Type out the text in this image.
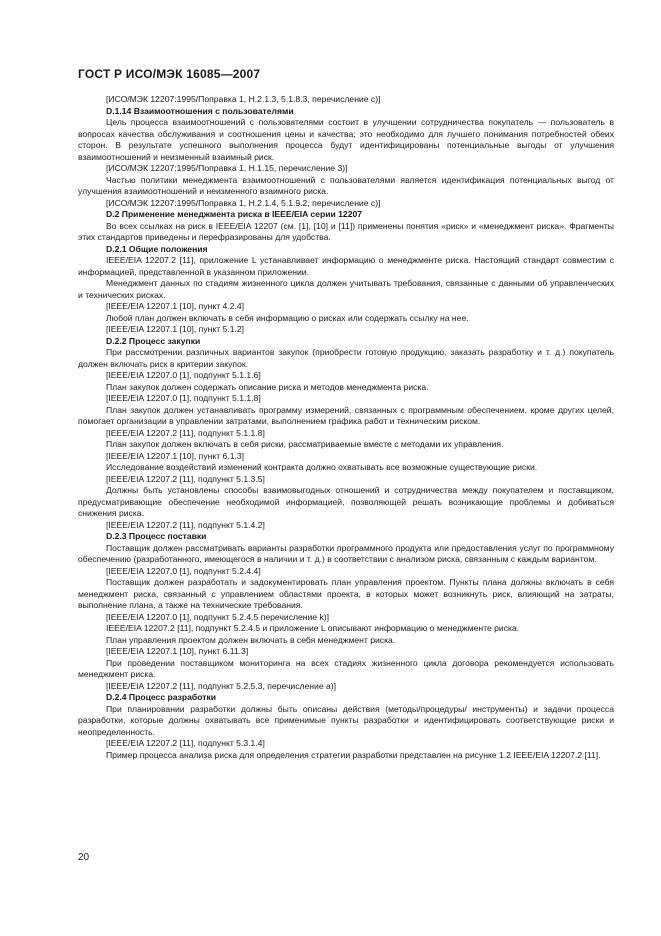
ГОСТ Р ИСО/МЭК 16085—2007

[ИСО/МЭК 12207:1995/Поправка 1, Н.2.1.3, 5.1.8.3, перечисление с)]

D.1.14 Взаимоотношения с пользователями

Цель процесса взаимоотношений с пользователями состоит в улучшении сотрудничества покупатель — пользователь в вопросах качества обслуживания и соотношения цены и качества; это необходимо для лучшего понимания потребностей обеих сторон. В результате успешного выполнения процесса будут идентифицированы потенциальные выгоды от улучшения взаимоотношений и неизменный взаимный риск.

[ИСО/МЭК 12207:1995/Поправка 1, Н.1.15, перечисление 3)]

Частью политики менеджмента взаимоотношений с пользователями является идентификация потенциальных выгод от улучшения взаимоотношений и неизменного взаимного риска.

[ИСО/МЭК 12207:1995/Поправка 1, Н.2.1.4, 5.1.9.2, перечисление с)]

D.2 Применение менеджмента риска в IEEE/EIA серии 12207

Во всех ссылках на риск в IEEE/EIA 12207 (см. [1], [10] и [11]) применены понятия «риск» и «менеджмент риска». Фрагменты этих стандартов приведены и перефразированы для удобства.

D.2.1 Общие положения

IEEE/EIA 12207.2 [11], приложение L устанавливает информацию о менеджменте риска. Настоящий стандарт совместим с информацией, представленной в указанном приложении.

Менеджмент данных по стадиям жизненного цикла должен учитывать требования, связанные с данными об управленческих и технических рисках.

[IEEE/EIA 12207.1 [10], пункт 4.2.4]

Любой план должен включать в себя информацию о рисках или содержать ссылку на нее.

[IEEE/EIA 12207.1 [10], пункт 5.1.2]

D.2.2 Процесс закупки

При рассмотрении различных вариантов закупок (приобрести готовую продукцию, заказать разработку и т. д.) покупатель должен включать риск в критерии закупок.

[IEEE/EIA 12207.0 [1], подпункт 5.1.1.6]

План закупок должен содержать описание риска и методов менеджмента риска.

[IEEE/EIA 12207.0 [1], подпункт 5.1.1.8]

План закупок должен устанавливать программу измерений, связанных с программным обеспечением, кроме других целей, помогает организации в управлении затратами, выполнением графика работ и техническим риском.

[IEEE/EIA 12207.2 [11], подпункт 5.1.1.8]

План закупок должен включать в себя риски, рассматриваемые вместе с методами их управления.

[IEEE/EIA 12207.1 [10], пункт 6.1.3]

Исследование воздействий изменений контракта должно охватывать все возможные существующие риски.

[IEEE/EIA 12207.2 [11], подпункт 5.1.3.5]

Должны быть установлены способы взаимовыгодных отношений и сотрудничества между покупателем и поставщиком, предусматривающие обеспечение необходимой информацией, позволяющей решать возникающие проблемы и добиваться снижения риска.

[IEEE/EIA 12207.2 [11], подпункт 5.1.4.2]

D.2.3 Процесс поставки

Поставщик должен рассматривать варианты разработки программного продукта или предоставления услуг по программному обеспечению (разработанного, имеющегося в наличии и т. д.) в соответствии с анализом риска, связанным с каждым вариантом.

[IEEE/EIA 12207.0 [1], подпункт 5.2.4.4]

Поставщик должен разработать и задокументировать план управления проектом. Пункты плана должны включать в себя менеджмент риска, связанный с управлением областями проекта, в которых может возникнуть риск, влияющий на затраты, выполнение плана, а также на технические требования.

[IEEE/EIA 12207.0 [1], подпункт 5.2.4.5 перечисление k)]

IEEE/EIA 12207.2 [11], подпункт 5.2.4.5 и приложение L описывают информацию о менеджменте риска.

План управления проектом должен включать в себя менеджмент риска.

[IEEE/EIA 12207.1 [10], пункт 6.11.3]

При проведении поставщиком мониторинга на всех стадиях жизненного цикла договора рекомендуется использовать менеджмент риска.

[IEEE/EIA 12207.2 [11], подпункт 5.2.5.3, перечисление а)]

D.2.4 Процесс разработки

При планировании разработки должны быть описаны действия (методы/процедуры/ инструменты) и задачи процесса разработки, которые должны охватывать все применимые пункты разработки и идентифицировать соответствующие риски и неопределенность.

[IEEE/EIA 12207.2 [11], подпункт 5.3.1.4]

Пример процесса анализа риска для определения стратегии разработки представлен на рисунке 1.2 IEEE/EIA 12207.2 [11].

20
